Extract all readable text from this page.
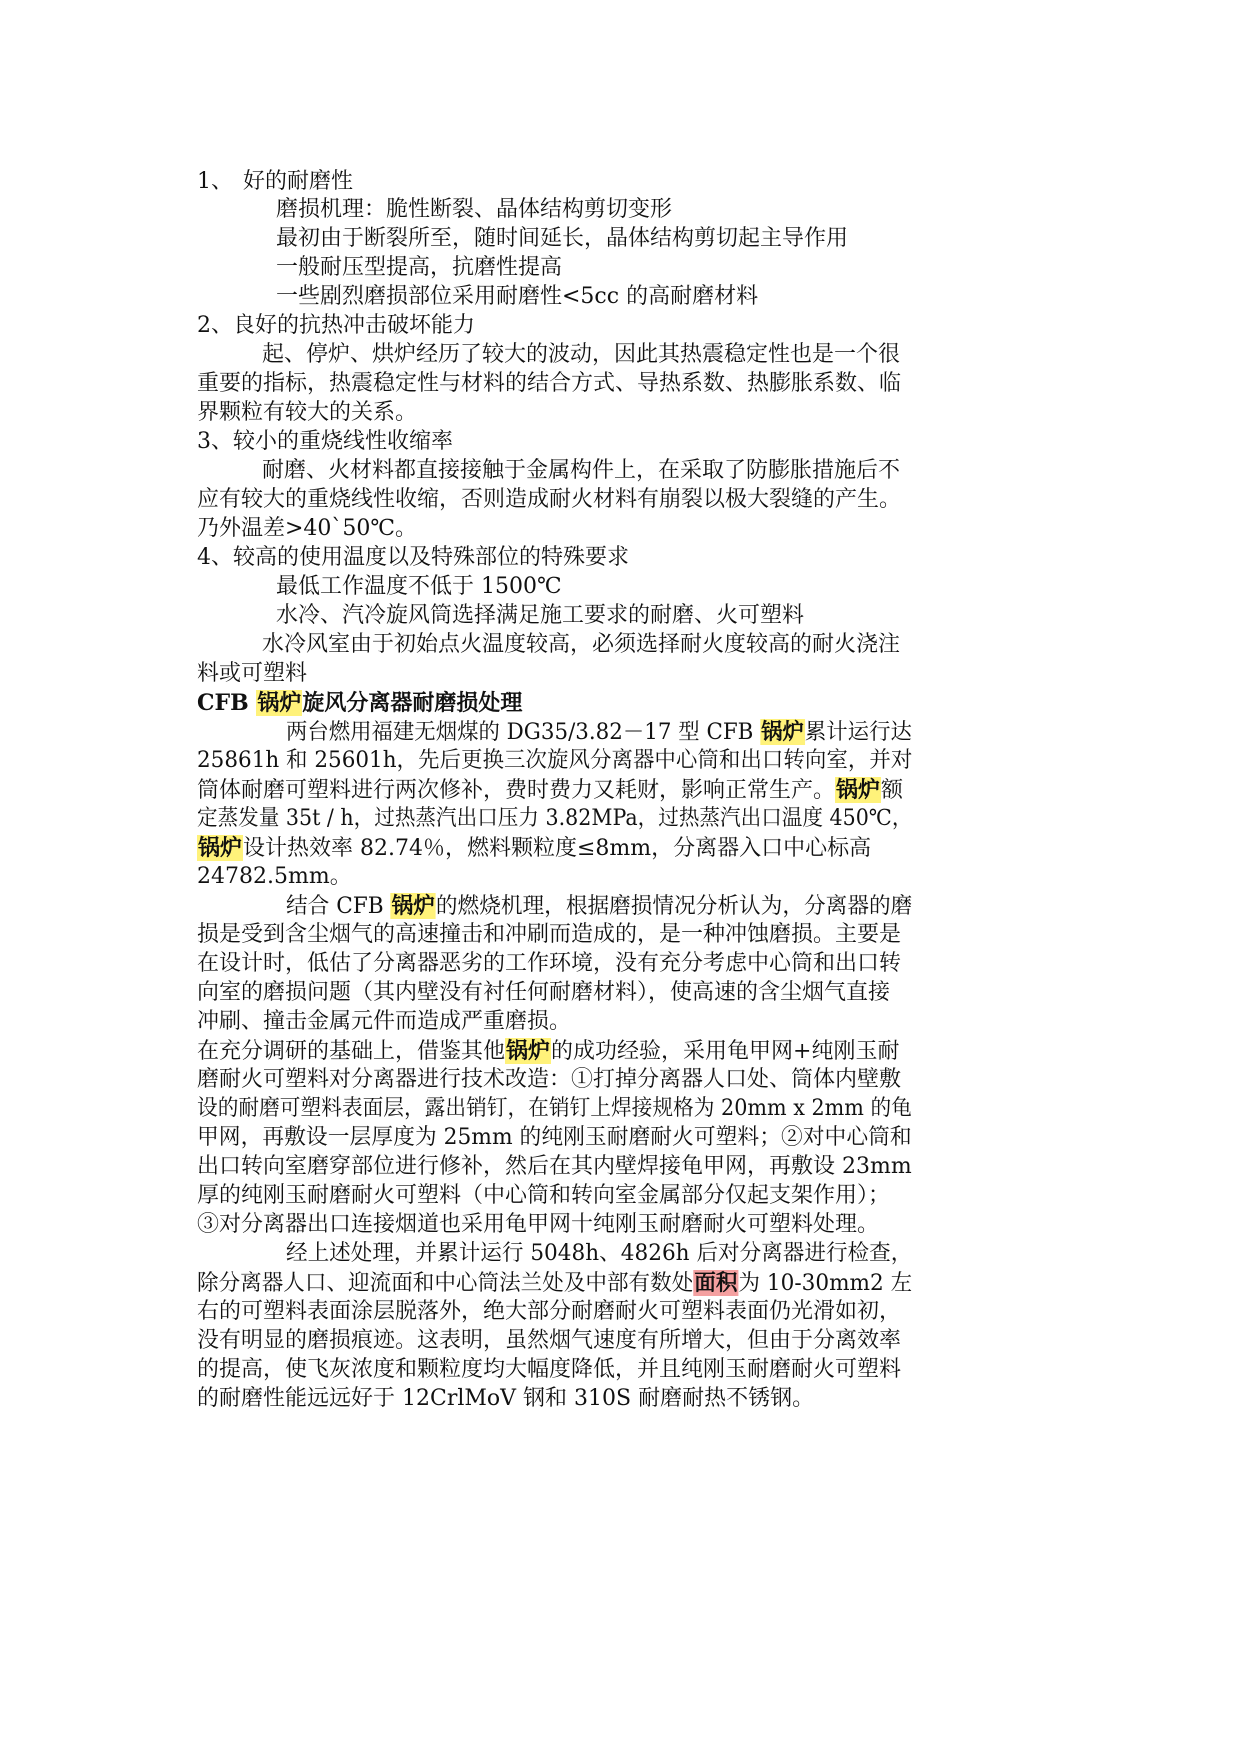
1、 好的耐磨性
磨损机理：脆性断裂、晶体结构剪切变形
最初由于断裂所至，随时间延长，晶体结构剪切起主导作用
一般耐压型提高，抗磨性提高
一些剧烈磨损部位采用耐磨性<5cc 的高耐磨材料
2、良好的抗热冲击破坏能力
起、停炉、烘炉经历了较大的波动，因此其热震稳定性也是一个很
重要的指标，热震稳定性与材料的结合方式、导热系数、热膨胀系数、临
界颗粒有较大的关系。
3、较小的重烧线性收缩率
耐磨、火材料都直接接触于金属构件上，在采取了防膨胀措施后不
应有较大的重烧线性收缩，否则造成耐火材料有崩裂以极大裂缝的产生。
乃外温差>40`50℃。
4、较高的使用温度以及特殊部位的特殊要求
最低工作温度不低于 1500℃
水冷、汽冷旋风筒选择满足施工要求的耐磨、火可塑料
水冷风室由于初始点火温度较高，必须选择耐火度较高的耐火浇注
料或可塑料
CFB 锅炉旋风分离器耐磨损处理
两台燃用福建无烟煤的 DG35/3.82－17 型 CFB 锅炉累计运行达
25861h 和 25601h，先后更换三次旋风分离器中心筒和出口转向室，并对
筒体耐磨可塑料进行两次修补，费时费力又耗财，影响正常生产。锅炉额
定蒸发量 35t / h，过热蒸汽出口压力 3.82MPa，过热蒸汽出口温度 450℃，
锅炉设计热效率 82.74％，燃料颗粒度≤8mm，分离器入口中心标高
24782.5mm。
结合 CFB 锅炉的燃烧机理，根据磨损情况分析认为，分离器的磨
损是受到含尘烟气的高速撞击和冲刷而造成的，是一种冲蚀磨损。主要是
在设计时，低估了分离器恶劣的工作环境，没有充分考虑中心筒和出口转
向室的磨损问题（其内壁没有衬任何耐磨材料），使高速的含尘烟气直接
冲刷、撞击金属元件而造成严重磨损。
在充分调研的基础上，借鉴其他锅炉的成功经验，采用龟甲网+纯刚玉耐
磨耐火可塑料对分离器进行技术改造：①打掉分离器人口处、筒体内壁敷
设的耐磨可塑料表面层，露出销钉，在销钉上焊接规格为 20mm x 2mm 的龟
甲网，再敷设一层厚度为 25mm 的纯刚玉耐磨耐火可塑料；②对中心筒和
出口转向室磨穿部位进行修补，然后在其内壁焊接龟甲网，再敷设 23mm
厚的纯刚玉耐磨耐火可塑料（中心筒和转向室金属部分仅起支架作用）；
③对分离器出口连接烟道也采用龟甲网十纯刚玉耐磨耐火可塑料处理。
经上述处理，并累计运行 5048h、4826h 后对分离器进行检查，
除分离器人口、迎流面和中心筒法兰处及中部有数处面积为 10-30mm2 左
右的可塑料表面涂层脱落外，绝大部分耐磨耐火可塑料表面仍光滑如初，
没有明显的磨损痕迹。这表明，虽然烟气速度有所增大，但由于分离效率
的提高，使飞灰浓度和颗粒度均大幅度降低，并且纯刚玉耐磨耐火可塑料
的耐磨性能远远好于 12CrlMoV 钢和 310S 耐磨耐热不锈钢。
